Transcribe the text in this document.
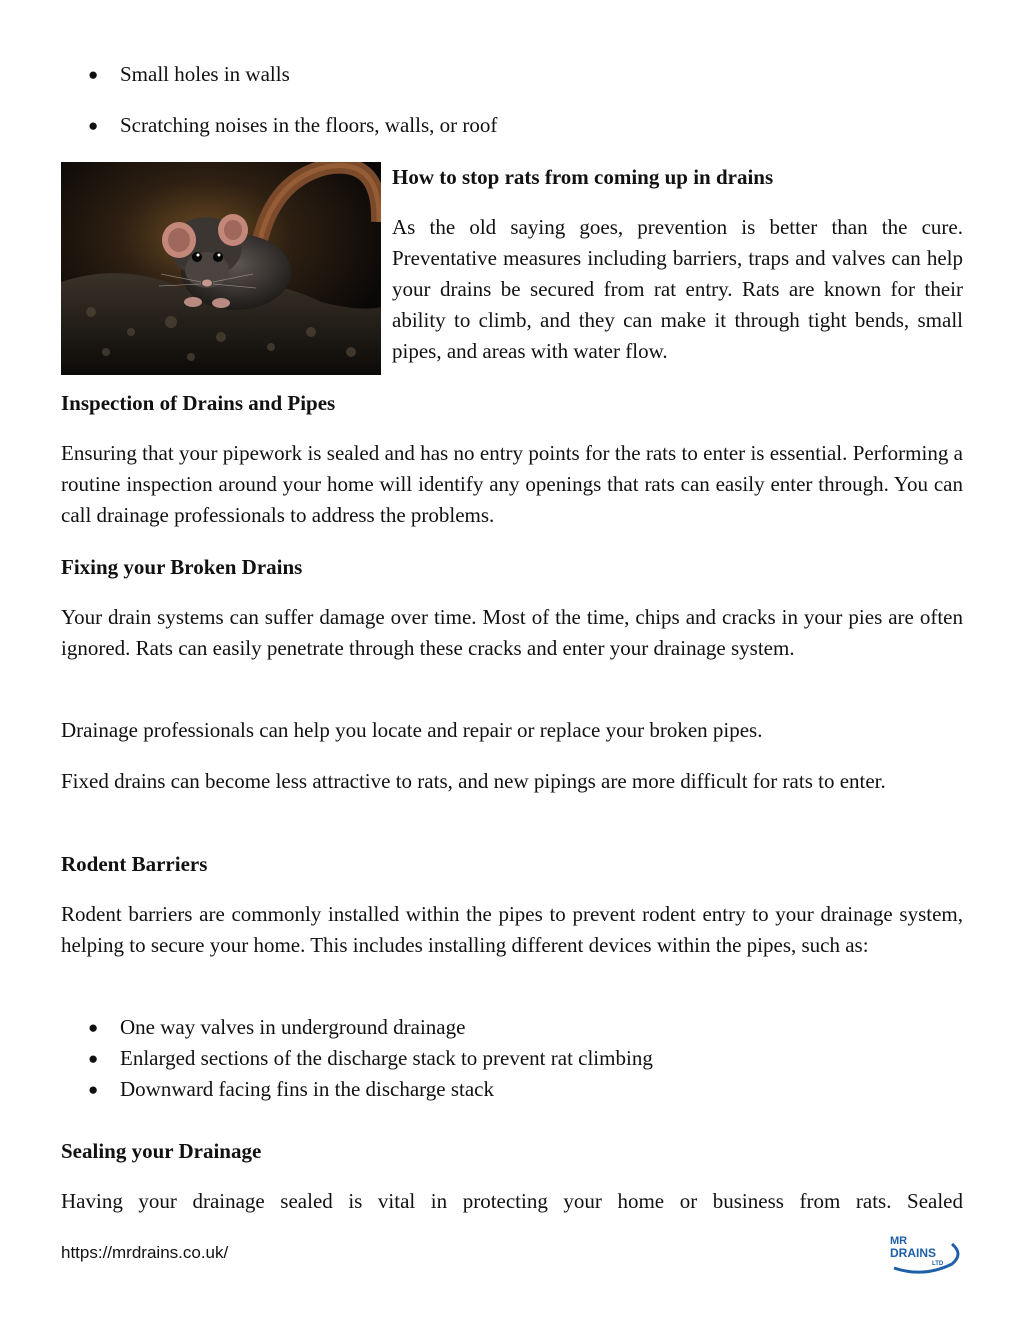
● Small holes in walls
● Scratching noises in the floors, walls, or roof
How to stop rats from coming up in drains

As the old saying goes, prevention is better than the cure. Preventative measures including barriers, traps and valves can help your drains be secured from rat entry. Rats are known for their ability to climb, and they can make it through tight bends, small pipes, and areas with water flow.

Inspection of Drains and Pipes

Ensuring that your pipework is sealed and has no entry points for the rats to enter is essential. Performing a routine inspection around your home will identify any openings that rats can easily enter through. You can call drainage professionals to address the problems.

Fixing your Broken Drains

Your drain systems can suffer damage over time. Most of the time, chips and cracks in your pies are often ignored. Rats can easily penetrate through these cracks and enter your drainage system.

Drainage professionals can help you locate and repair or replace your broken pipes.

Fixed drains can become less attractive to rats, and new pipings are more difficult for rats to enter.

Rodent Barriers

Rodent barriers are commonly installed within the pipes to prevent rodent entry to your drainage system, helping to secure your home. This includes installing different devices within the pipes, such as:

● One way valves in underground drainage
● Enlarged sections of the discharge stack to prevent rat climbing
● Downward facing fins in the discharge stack
Sealing your Drainage

Having your drainage sealed is vital in protecting your home or business from rats. Sealed

https://mrdrains.co.uk/
MR
DRAINS
LTD
